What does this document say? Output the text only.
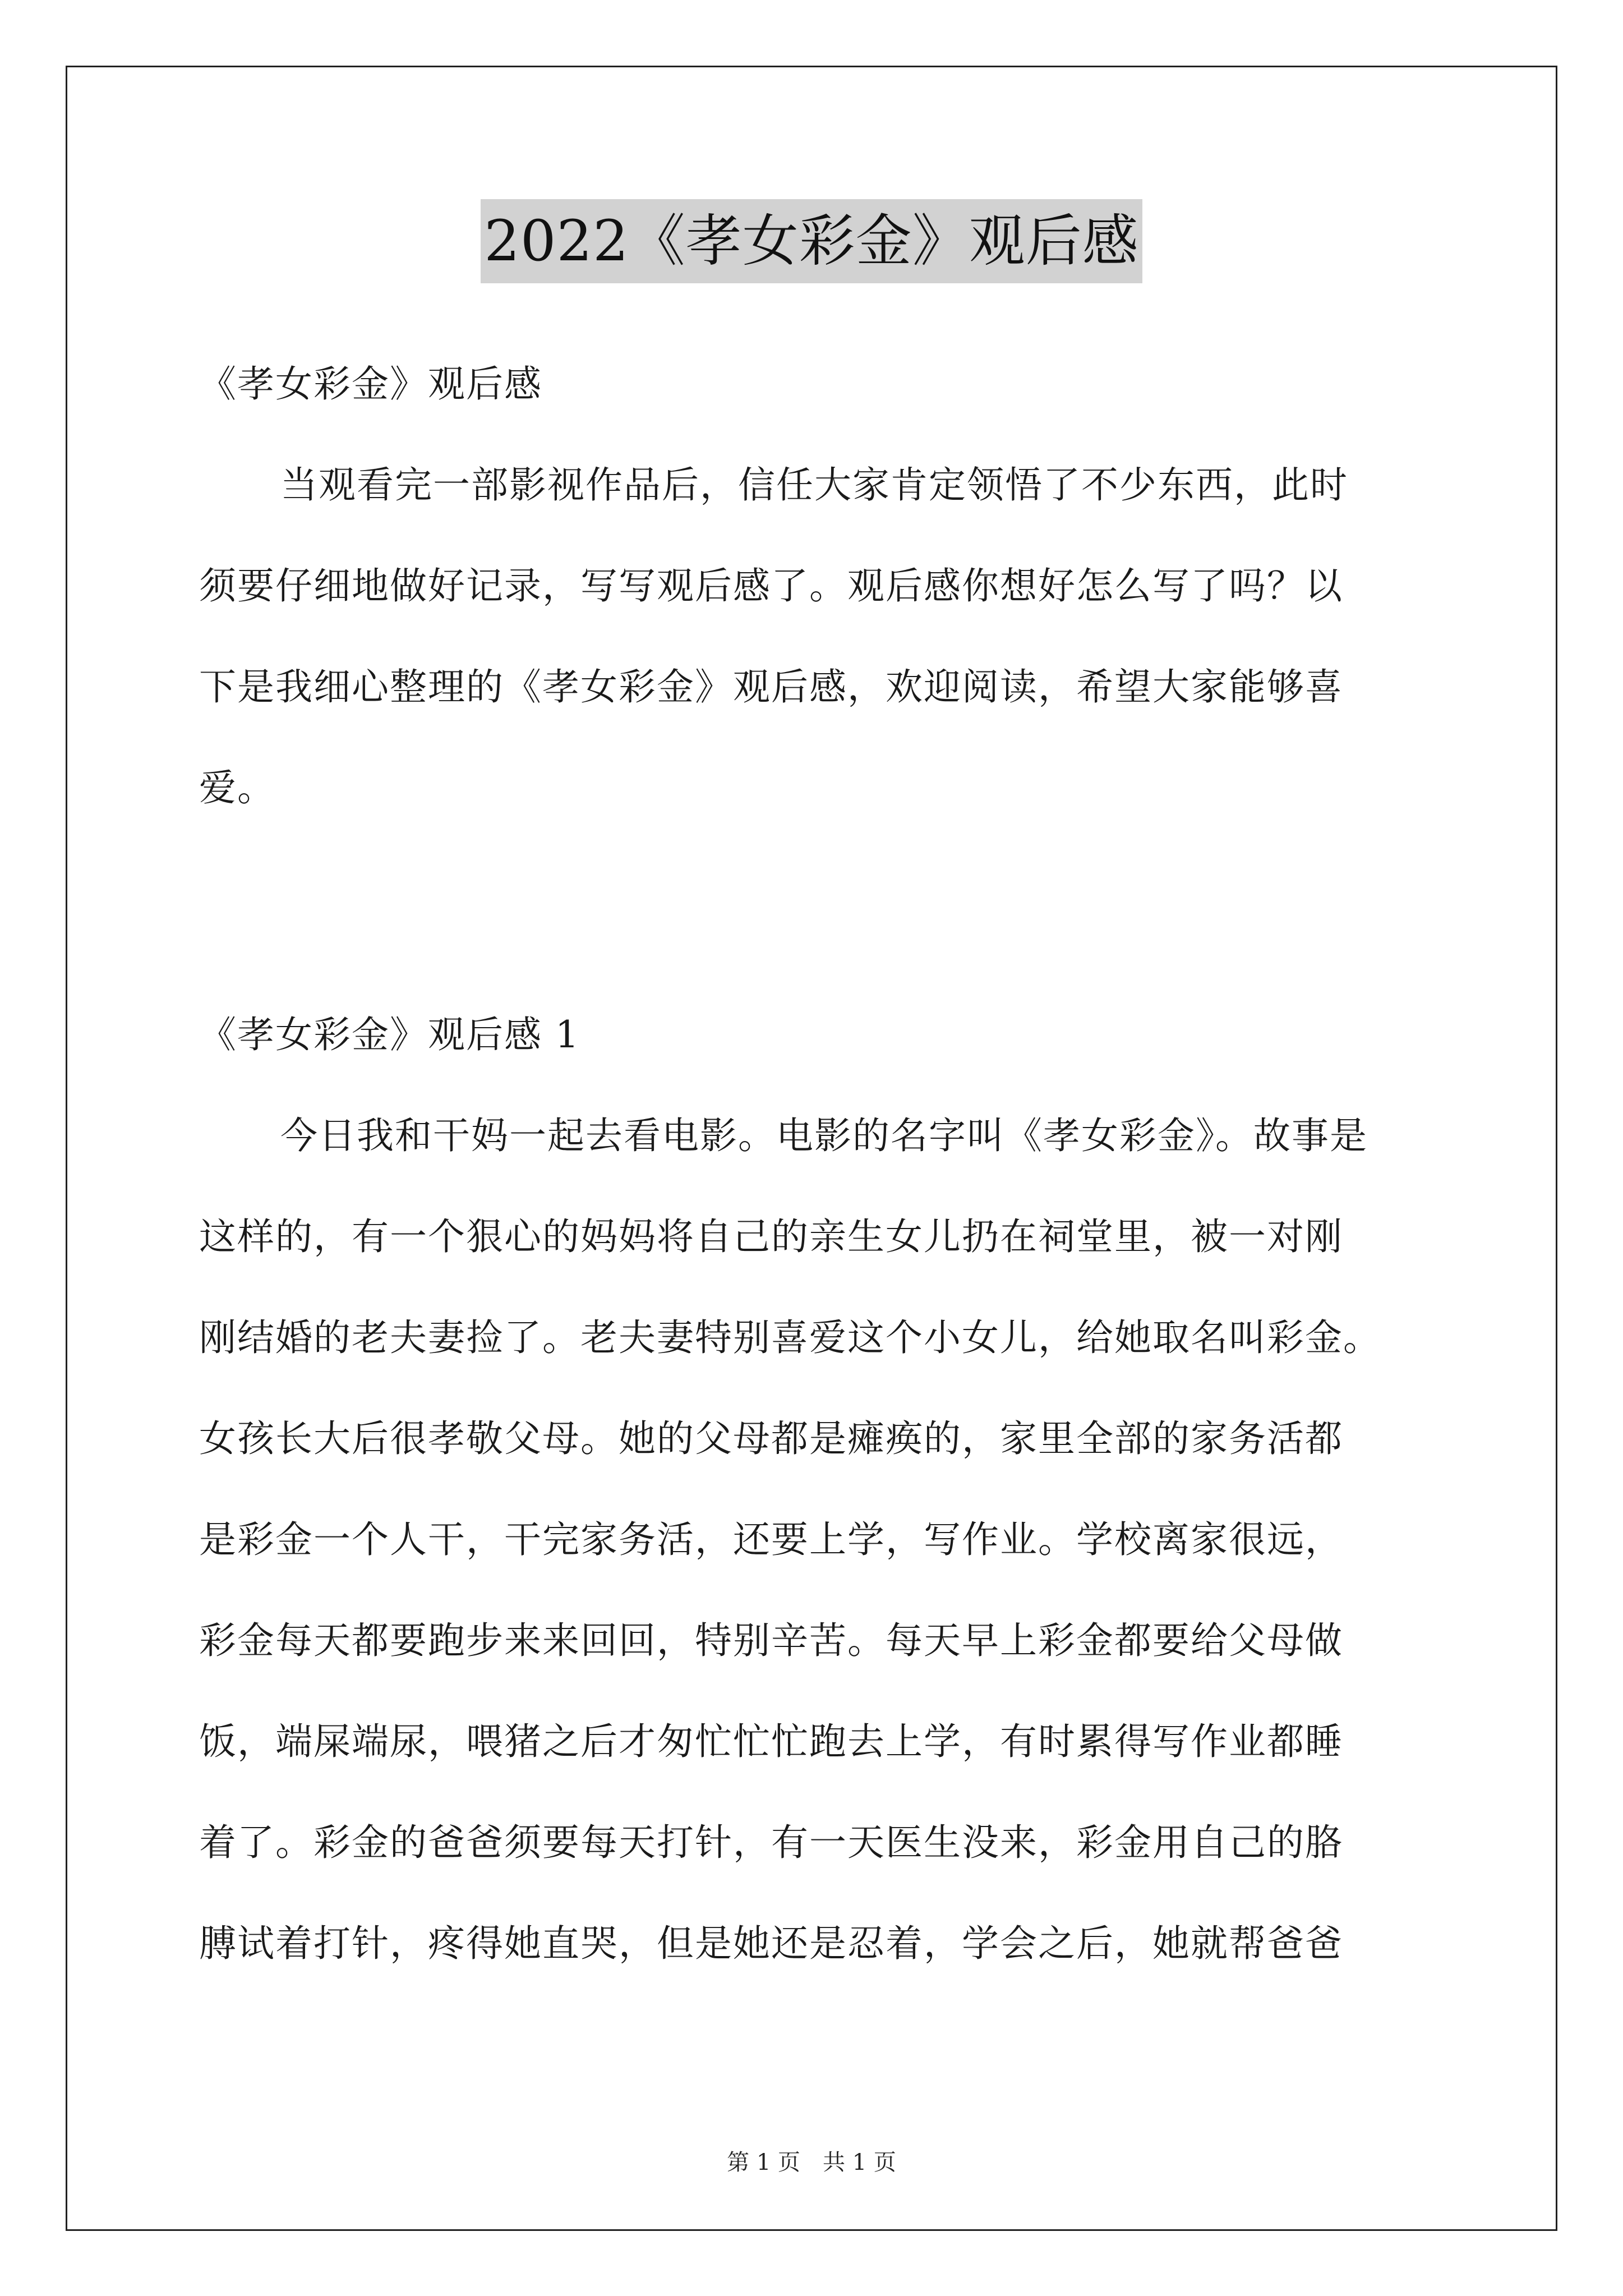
2022《孝女彩金》观后感
《孝女彩金》观后感
当观看完一部影视作品后，信任大家肯定领悟了不少东西，此时
须要仔细地做好记录，写写观后感了。观后感你想好怎么写了吗？以
下是我细心整理的《孝女彩金》观后感，欢迎阅读，希望大家能够喜
爱。
《孝女彩金》观后感 1
今日我和干妈一起去看电影。电影的名字叫《孝女彩金》。故事是
这样的，有一个狠心的妈妈将自己的亲生女儿扔在祠堂里，被一对刚
刚结婚的老夫妻捡了。老夫妻特别喜爱这个小女儿，给她取名叫彩金。
女孩长大后很孝敬父母。她的父母都是瘫痪的，家里全部的家务活都
是彩金一个人干，干完家务活，还要上学，写作业。学校离家很远，
彩金每天都要跑步来来回回，特别辛苦。每天早上彩金都要给父母做
饭，端屎端尿，喂猪之后才匆忙忙忙跑去上学，有时累得写作业都睡
着了。彩金的爸爸须要每天打针，有一天医生没来，彩金用自己的胳
膊试着打针，疼得她直哭，但是她还是忍着，学会之后，她就帮爸爸
第 1 页　共 1 页
